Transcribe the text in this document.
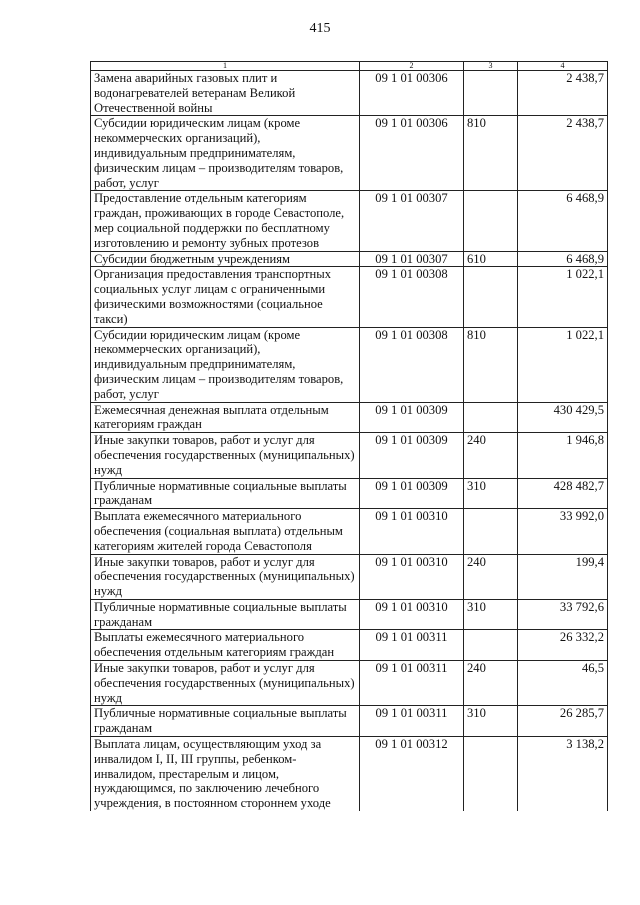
415
1	2	3	4
Замена аварийных газовых плит и водонагревателей ветеранам Великой Отечественной войны	09 1 01 00306		2 438,7
Субсидии юридическим лицам (кроме некоммерческих организаций), индивидуальным предпринимателям, физическим лицам – производителям товаров, работ, услуг	09 1 01 00306	810	2 438,7
Предоставление отдельным категориям граждан, проживающих в городе Севастополе, мер социальной поддержки по бесплатному изготовлению и ремонту зубных протезов	09 1 01 00307		6 468,9
Субсидии бюджетным учреждениям	09 1 01 00307	610	6 468,9
Организация предоставления транспортных социальных услуг лицам с ограниченными физическими возможностями (социальное такси)	09 1 01 00308		1 022,1
Субсидии юридическим лицам (кроме некоммерческих организаций), индивидуальным предпринимателям, физическим лицам – производителям товаров, работ, услуг	09 1 01 00308	810	1 022,1
Ежемесячная денежная выплата отдельным категориям граждан	09 1 01 00309		430 429,5
Иные закупки товаров, работ и услуг для обеспечения государственных (муниципальных) нужд	09 1 01 00309	240	1 946,8
Публичные нормативные социальные выплаты гражданам	09 1 01 00309	310	428 482,7
Выплата ежемесячного материального обеспечения (социальная выплата) отдельным категориям жителей города Севастополя	09 1 01 00310		33 992,0
Иные закупки товаров, работ и услуг для обеспечения государственных (муниципальных) нужд	09 1 01 00310	240	199,4
Публичные нормативные социальные выплаты гражданам	09 1 01 00310	310	33 792,6
Выплаты ежемесячного материального обеспечения отдельным категориям граждан	09 1 01 00311		26 332,2
Иные закупки товаров, работ и услуг для обеспечения государственных (муниципальных) нужд	09 1 01 00311	240	46,5
Публичные нормативные социальные выплаты гражданам	09 1 01 00311	310	26 285,7
Выплата лицам, осуществляющим уход за инвалидом I, II, III группы, ребенком-инвалидом, престарелым и лицом, нуждающимся, по заключению лечебного учреждения, в постоянном стороннем уходе	09 1 01 00312		3 138,2
